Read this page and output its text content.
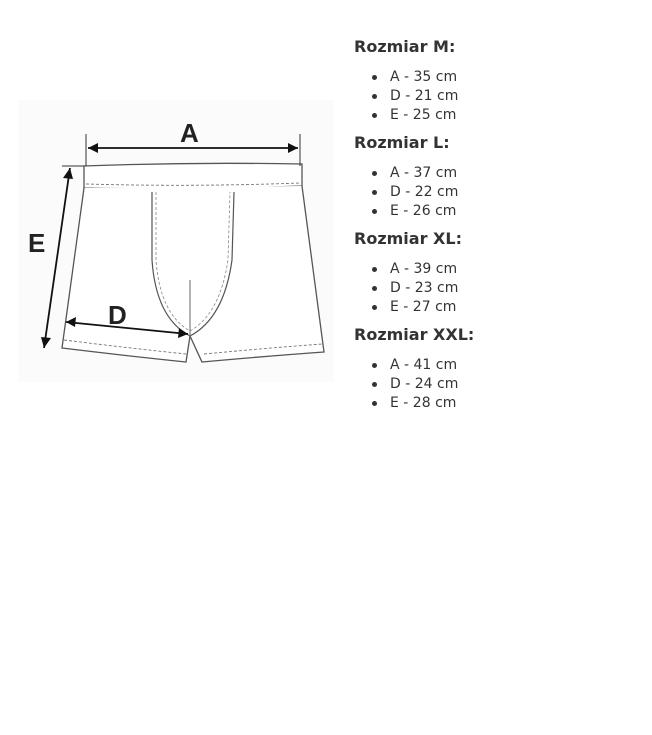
A
E
D

Rozmiar M:

A - 35 cm
D - 21 cm
E - 25 cm

Rozmiar L:

A - 37 cm
D - 22 cm
E - 26 cm

Rozmiar XL:

A - 39 cm
D - 23 cm
E - 27 cm

Rozmiar XXL:

A - 41 cm
D - 24 cm
E - 28 cm
